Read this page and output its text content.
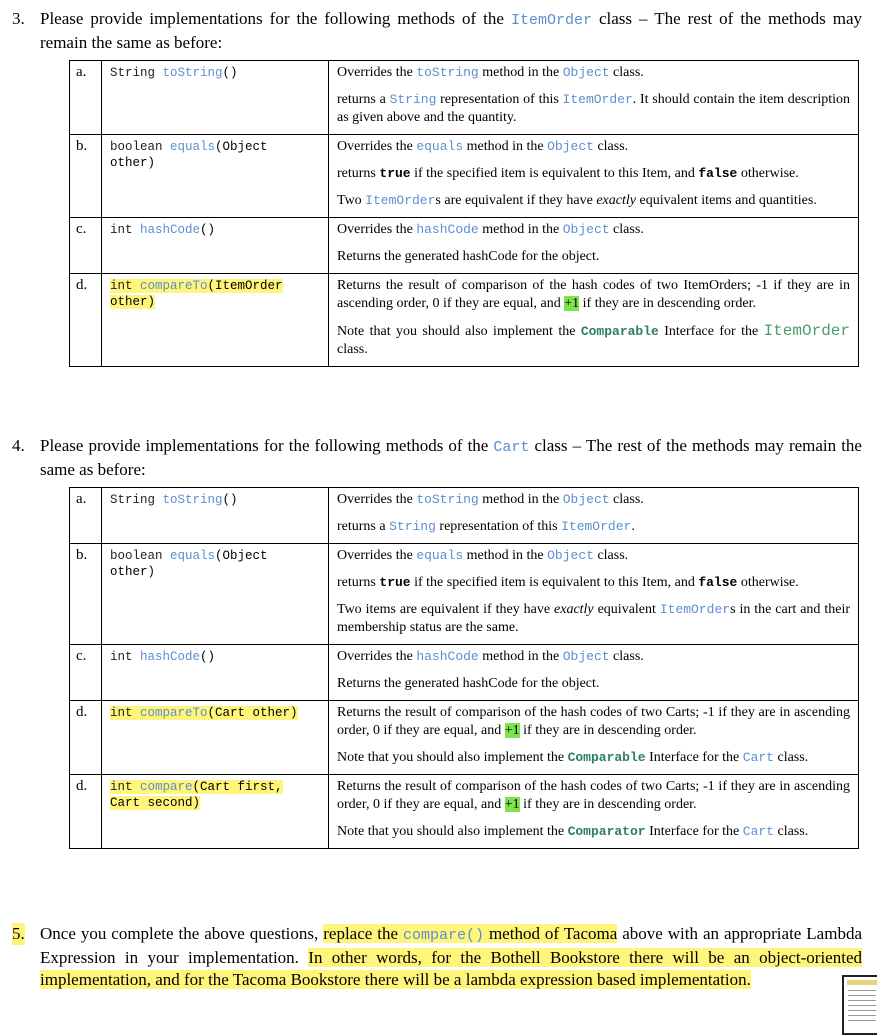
3. Please provide implementations for the following methods of the ItemOrder class – The rest of the methods may remain the same as before:
a.	String toString()	Overrides the toString method in the Object class.

returns a String representation of this ItemOrder. It should contain the item description as given above and the quantity.

b.	boolean equals(Object other)	Overrides the equals method in the Object class.

returns true if the specified item is equivalent to this Item, and false otherwise.

Two ItemOrders are equivalent if they have exactly equivalent items and quantities.

c.	int hashCode()	Overrides the hashCode method in the Object class.

Returns the generated hashCode for the object.

d.	int compareTo(ItemOrder other)	Returns the result of comparison of the hash codes of two ItemOrders; -1 if they are in ascending order, 0 if they are equal, and +1 if they are in descending order.

Note that you should also implement the Comparable Interface for the ItemOrder class.

4. Please provide implementations for the following methods of the Cart class – The rest of the methods may remain the same as before:
a.	String toString()	Overrides the toString method in the Object class.

returns a String representation of this ItemOrder.

b.	boolean equals(Object other)	Overrides the equals method in the Object class.

returns true if the specified item is equivalent to this Item, and false otherwise.

Two items are equivalent if they have exactly equivalent ItemOrders in the cart and their membership status are the same.

c.	int hashCode()	Overrides the hashCode method in the Object class.

Returns the generated hashCode for the object.

d.	int compareTo(Cart other)	Returns the result of comparison of the hash codes of two Carts; -1 if they are in ascending order, 0 if they are equal, and +1 if they are in descending order.

Note that you should also implement the Comparable Interface for the Cart class.

d.	int compare(Cart first, Cart second)	Returns the result of comparison of the hash codes of two Carts; -1 if they are in ascending order, 0 if they are equal, and +1 if they are in descending order.

Note that you should also implement the Comparator Interface for the Cart class.

5. Once you complete the above questions, replace the compare() method of Tacoma above with an appropriate Lambda Expression in your implementation. In other words, for the Bothell Bookstore there will be an object-oriented implementation, and for the Tacoma Bookstore there will be a lambda expression based implementation.
